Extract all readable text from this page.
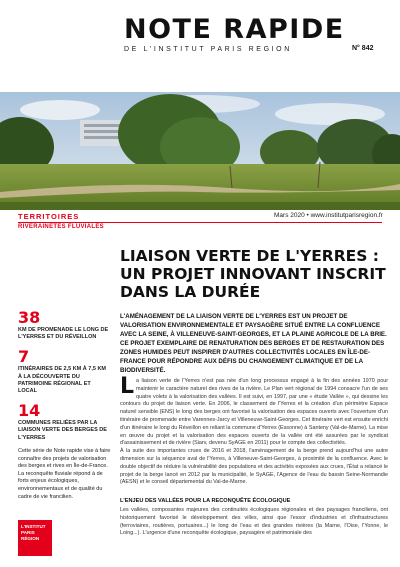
NOTE RAPIDE
DE L'INSTITUT PARIS REGION	N° 842
TERRITOIRES	Mars 2020 • www.institutparisregion.fr
RIVERAINETÉS FLUVIALES
LIAISON VERTE DE L'YERRES : UN PROJET INNOVANT INSCRIT DANS LA DURÉE

L'AMÉNAGEMENT DE LA LIAISON VERTE DE L'YERRES EST UN PROJET DE VALORISATION ENVIRONNEMENTALE ET PAYSAGÈRE SITUÉ ENTRE LA CONFLUENCE AVEC LA SEINE, À VILLENEUVE-SAINT-GEORGES, ET LA PLAINE AGRICOLE DE LA BRIE. CE PROJET EXEMPLAIRE DE RENATURATION DES BERGES ET DE RESTAURATION DES ZONES HUMIDES PEUT INSPIRER D'AUTRES COLLECTIVITÉS LOCALES EN ÎLE-DE-FRANCE POUR RÉPONDRE AUX DÉFIS DU CHANGEMENT CLIMATIQUE ET DE LA BIODIVERSITÉ.

L a liaison verte de l'Yerres n'est pas née d'un long processus engagé à la fin des années 1970 pour maintenir le caractère naturel des rives de la rivière. Le Plan vert régional de 1994 consacre l'un de ses quatre volets à la valorisation des vallées. Il est suivi, en 1997, par une « étude Vallée », qui dessine les contours du projet de liaison verte. En 2006, le classement de l'Yerres et la création d'un périmètre Espace naturel sensible (ENS) le long des berges ont favorisé la valorisation des espaces ouverts avec l'ouverture d'un itinéraire de promenade entre Varennes-Jarcy et Villeneuve-Saint-Georges. Cet itinéraire vert est ensuite enrichi d'un itinéraire le long du Réveillon en reliant la commune d'Yerres (Essonne) à Santeny (Val-de-Marne). La mise en œuvre du projet et la valorisation des espaces ouverts de la vallée ont été assurées par le syndicat d'assainissement et de rivière (Siarv, devenu SyAGE en 2011) pour le compte des collectivités.
À la suite des importantes crues de 2016 et 2018, l'aménagement de la berge prend aujourd'hui une autre dimension sur la séquence aval de l'Yerres, à Villeneuve-Saint-Georges, à proximité de la confluence. Avec le double objectif de réduire la vulnérabilité des populations et des activités exposées aux crues, l'État a relancé le projet de la berge lancé en 2012 par la municipalité, le SyAGE, l'Agence de l'eau du bassin Seine-Normandie (AESN) et le conseil départemental du Val-de-Marne.
L'ENJEU DES VALLÉES POUR LA RECONQUÊTE ÉCOLOGIQUE
Les vallées, composantes majeures des continuités écologiques régionales et des paysages franciliens, ont historiquement favorisé le développement des villes, ainsi que l'essor d'industries et d'infrastructures (ferroviaires, routières, portuaires...) le long de l'eau et des grandes rivières (la Marne, l'Oise, l'Yonne, le Loing...). L'urgence d'une reconquête écologique, paysagère et patrimoniale des
38
KM DE PROMENADE LE LONG DE L'YERRES ET DU RÉVEILLON
7
ITINÉRAIRES DE 2,5 KM À 7,5 KM À LA DÉCOUVERTE DU PATRIMOINE RÉGIONAL ET LOCAL
14
COMMUNES RELIÉES PAR LA LIAISON VERTE DES BERGES DE L'YERRES
Cette série de Note rapide vise à faire connaître des projets de valorisation des berges et rives en Île-de-France. La reconquête fluviale répond à de forts enjeux écologiques, environnementaux et de qualité du cadre de vie francilien.
L'INSTITUT
PARIS
RÉGION
